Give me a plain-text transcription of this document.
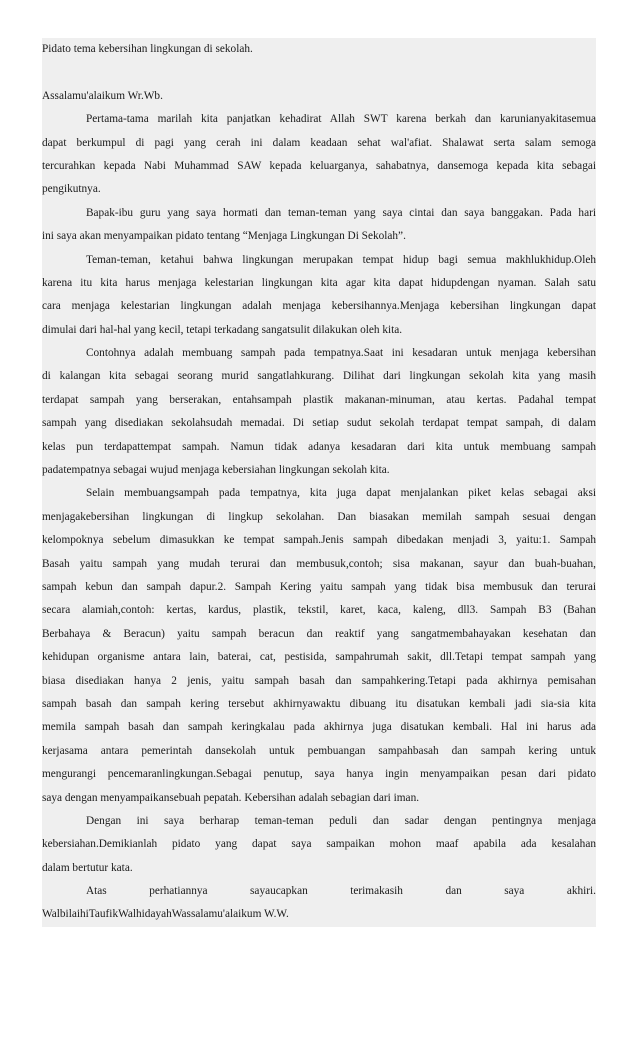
Pidato tema kebersihan lingkungan di sekolah.
Assalamu'alaikum Wr.Wb.
Pertama-tama marilah kita panjatkan kehadirat Allah SWT karena berkah dan karunianyakitasemua
dapat berkumpul di pagi yang cerah ini dalam keadaan sehat wal'afiat. Shalawat serta salam semoga
tercurahkan kepada Nabi Muhammad SAW kepada keluarganya, sahabatnya, dansemoga kepada kita sebagai
pengikutnya.
Bapak-ibu guru yang saya hormati dan teman-teman yang saya cintai dan saya banggakan. Pada hari
ini saya akan menyampaikan pidato tentang “Menjaga Lingkungan Di Sekolah”.
Teman-teman, ketahui bahwa lingkungan merupakan tempat hidup bagi semua makhlukhidup.Oleh
karena itu kita harus menjaga kelestarian lingkungan kita agar kita dapat hidupdengan nyaman. Salah satu
cara menjaga kelestarian lingkungan adalah menjaga kebersihannya.Menjaga kebersihan lingkungan dapat
dimulai dari hal-hal yang kecil, tetapi terkadang sangatsulit dilakukan oleh kita.
Contohnya adalah membuang sampah pada tempatnya.Saat ini kesadaran untuk menjaga kebersihan
di kalangan kita sebagai seorang murid sangatlahkurang. Dilihat dari lingkungan sekolah kita yang masih
terdapat sampah yang berserakan, entahsampah plastik makanan-minuman, atau kertas. Padahal tempat
sampah yang disediakan sekolahsudah memadai. Di setiap sudut sekolah terdapat tempat sampah, di dalam
kelas pun terdapattempat sampah. Namun tidak adanya kesadaran dari kita untuk membuang sampah
padatempatnya sebagai wujud menjaga kebersiahan lingkungan sekolah kita.
Selain membuangsampah pada tempatnya, kita juga dapat menjalankan piket kelas sebagai aksi
menjagakebersihan lingkungan di lingkup sekolahan. Dan biasakan memilah sampah sesuai dengan
kelompoknya sebelum dimasukkan ke tempat sampah.Jenis sampah dibedakan menjadi 3, yaitu:1. Sampah
Basah yaitu sampah yang mudah terurai dan membusuk,contoh; sisa makanan, sayur dan buah-buahan,
sampah kebun dan sampah dapur.2. Sampah Kering yaitu sampah yang tidak bisa membusuk dan terurai
secara alamiah,contoh: kertas, kardus, plastik, tekstil, karet, kaca, kaleng, dll3. Sampah B3 (Bahan
Berbahaya & Beracun) yaitu sampah beracun dan reaktif yang sangatmembahayakan kesehatan dan
kehidupan organisme antara lain, baterai, cat, pestisida, sampahrumah sakit, dll.Tetapi tempat sampah yang
biasa disediakan hanya 2 jenis, yaitu sampah basah dan sampahkering.Tetapi pada akhirnya pemisahan
sampah basah dan sampah kering tersebut akhirnyawaktu dibuang itu disatukan kembali jadi sia-sia kita
memila sampah basah dan sampah keringkalau pada akhirnya juga disatukan kembali. Hal ini harus ada
kerjasama antara pemerintah dansekolah untuk pembuangan sampahbasah dan sampah kering untuk
mengurangi pencemaranlingkungan.Sebagai penutup, saya hanya ingin menyampaikan pesan dari pidato
saya dengan menyampaikansebuah pepatah. Kebersihan adalah sebagian dari iman.
Dengan ini saya berharap teman-teman peduli dan sadar dengan pentingnya menjaga
kebersiahan.Demikianlah pidato yang dapat saya sampaikan mohon maaf apabila ada kesalahan
dalam bertutur kata.
Atas perhatiannya sayaucapkan terimakasih dan saya akhiri.
WalbilaihiTaufikWalhidayahWassalamu'alaikum W.W.
